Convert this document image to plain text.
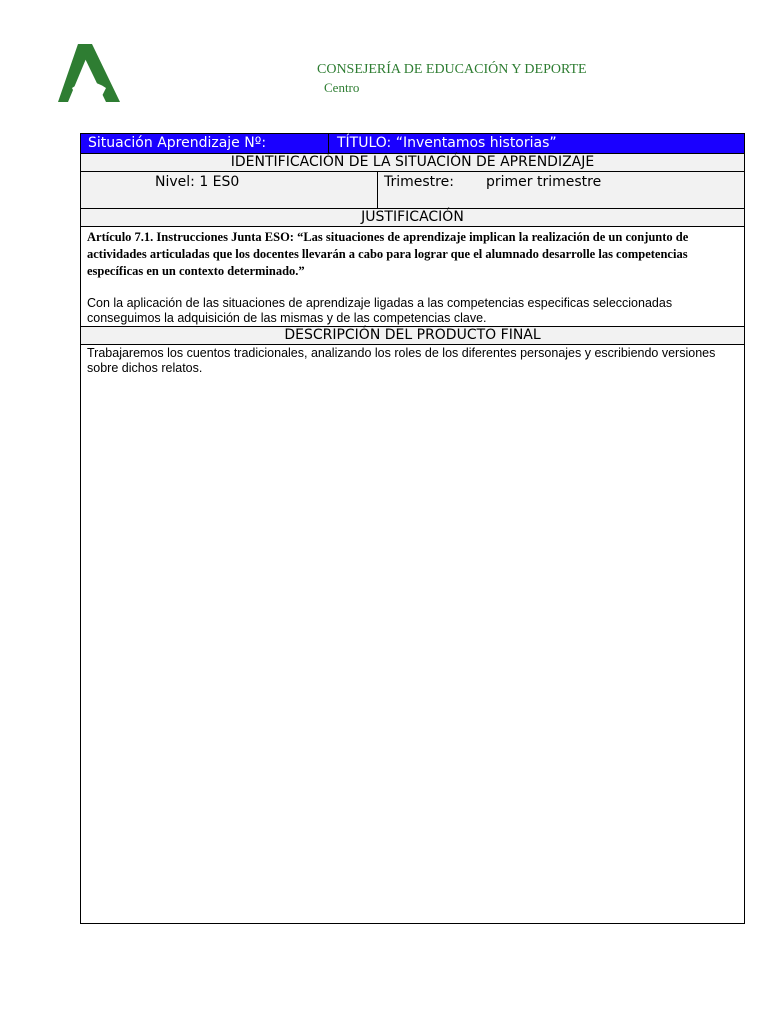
CONSEJERÍA DE EDUCACIÓN Y DEPORTE
Centro
Situación Aprendizaje Nº:	TÍTULO: “Inventamos historias”
IDENTIFICACIÓN DE LA SITUACIÓN DE APRENDIZAJE
Nivel: 1 ES0	Trimestre: primer trimestre
JUSTIFICACIÓN
Artículo 7.1. Instrucciones Junta ESO: “Las situaciones de aprendizaje implican la realización de un conjunto de actividades articuladas que los docentes llevarán a cabo para lograr que el alumnado desarrolle las competencias específicas en un contexto determinado.”
Con la aplicación de las situaciones de aprendizaje ligadas a las competencias especificas seleccionadas conseguimos la adquisición de las mismas y de las competencias clave.
DESCRIPCIÓN DEL PRODUCTO FINAL
Trabajaremos los cuentos tradicionales, analizando los roles de los diferentes personajes y escribiendo versiones sobre dichos relatos.
